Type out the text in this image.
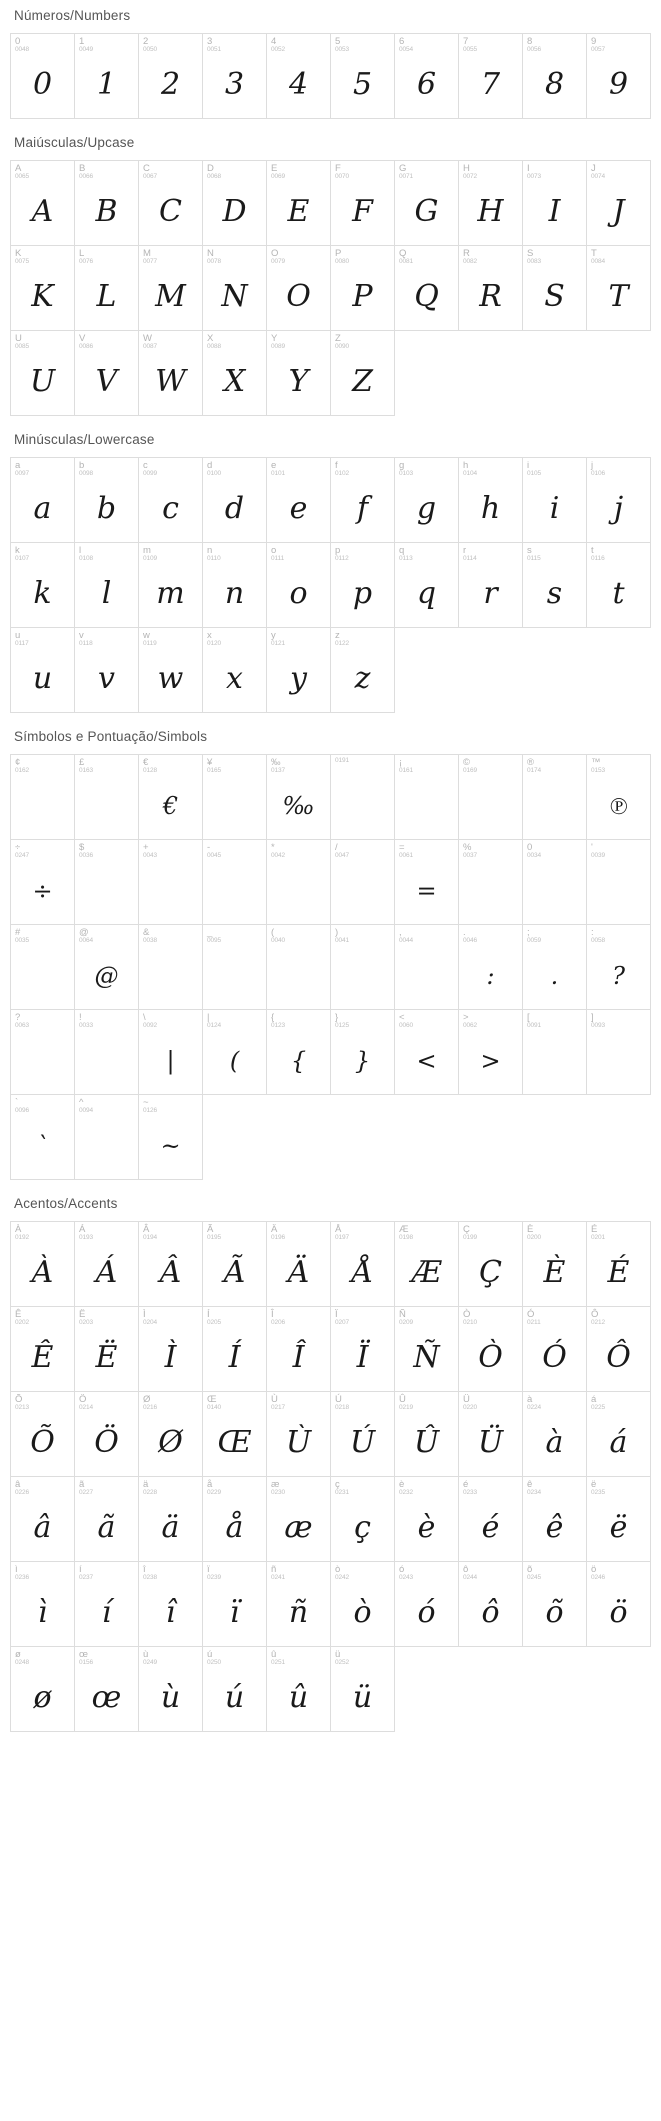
Números/Numbers
0
0048
0
1
0049
1
2
0050
2
3
0051
3
4
0052
4
5
0053
5
6
0054
6
7
0055
7
8
0056
8
9
0057
9
Maiúsculas/Upcase
A
0065
A
B
0066
B
C
0067
C
D
0068
D
E
0069
E
F
0070
F
G
0071
G
H
0072
H
I
0073
I
J
0074
J
K
0075
K
L
0076
L
M
0077
M
N
0078
N
O
0079
O
P
0080
P
Q
0081
Q
R
0082
R
S
0083
S
T
0084
T
U
0085
U
V
0086
V
W
0087
W
X
0088
X
Y
0089
Y
Z
0090
Z
Minúsculas/Lowercase
a
0097
a
b
0098
b
c
0099
c
d
0100
d
e
0101
e
f
0102
f
g
0103
g
h
0104
h
i
0105
i
j
0106
j
k
0107
k
l
0108
l
m
0109
m
n
0110
n
o
0111
o
p
0112
p
q
0113
q
r
0114
r
s
0115
s
t
0116
t
u
0117
u
v
0118
v
w
0119
w
x
0120
x
y
0121
y
z
0122
z
Símbolos e Pontuação/Simbols
¢
0162
£
0163
€
0128
€
¥
0165
‰
0137
‰
0191	¡
0161
©
0169
®
0174
™
0153
℗
÷
0247
÷
$
0036
+
0043
-
0045
*
0042
/
0047
=
0061
=
%
0037
0
0034
'
0039
#
0035
@
0064
@
&
0038
_
0095
(
0040
)
0041
,
0044
.
0046
:
;
0059
.
:
0058
?
?
0063
!
0033
\
0092
|
|
0124
(
{
0123
{
}
0125
}
<
0060
<
>
0062
>
[
0091
]
0093
`
0096
`
^
0094
~
0126
~
Acentos/Accents
À
0192
À
Á
0193
Á
Â
0194
Â
Ã
0195
Ã
Ä
0196
Ä
Å
0197
Å
Æ
0198
Æ
Ç
0199
Ç
È
0200
È
É
0201
É
Ê
0202
Ê
Ë
0203
Ë
Ì
0204
Ì
Í
0205
Í
Î
0206
Î
Ï
0207
Ï
Ñ
0209
Ñ
Ò
0210
Ò
Ó
0211
Ó
Ô
0212
Ô
Õ
0213
Õ
Ö
0214
Ö
Ø
0216
Ø
Œ
0140
Œ
Ù
0217
Ù
Ú
0218
Ú
Û
0219
Û
Ü
0220
Ü
à
0224
à
á
0225
á
â
0226
â
ã
0227
ã
ä
0228
ä
å
0229
å
æ
0230
æ
ç
0231
ç
è
0232
è
é
0233
é
ê
0234
ê
ë
0235
ë
ì
0236
ì
í
0237
í
î
0238
î
ï
0239
ï
ñ
0241
ñ
ò
0242
ò
ó
0243
ó
ô
0244
ô
õ
0245
õ
ö
0246
ö
ø
0248
ø
œ
0156
œ
ù
0249
ù
ú
0250
ú
û
0251
û
ü
0252
ü
